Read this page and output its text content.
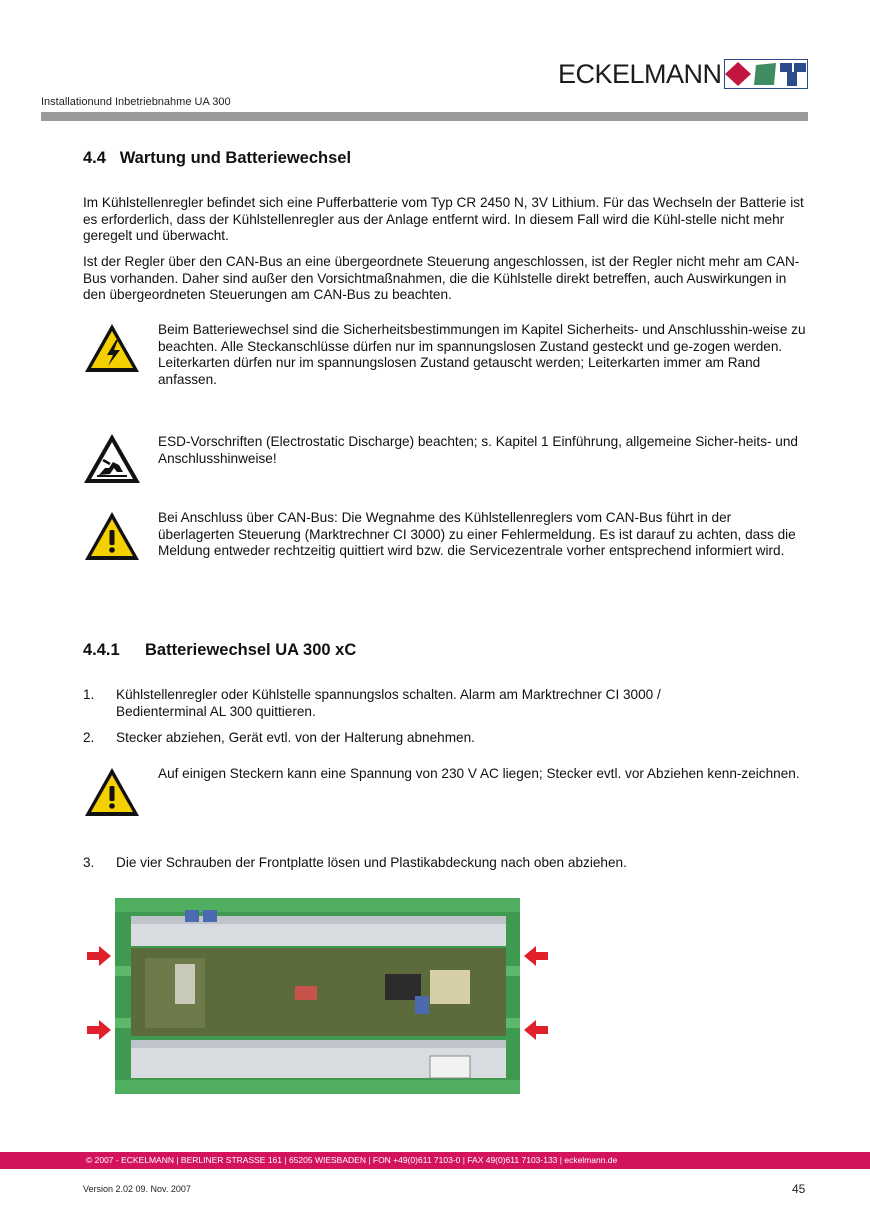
ECKELMANN
Installationund Inbetriebnahme UA 300
4.4 Wartung und Batteriewechsel

Im Kühlstellenregler befindet sich eine Pufferbatterie vom Typ CR 2450 N, 3V Lithium. Für das Wechseln der Batterie ist es erforderlich, dass der Kühlstellenregler aus der Anlage entfernt wird. In diesem Fall wird die Kühl-stelle nicht mehr geregelt und überwacht.

Ist der Regler über den CAN-Bus an eine übergeordnete Steuerung angeschlossen, ist der Regler nicht mehr am CAN-Bus vorhanden. Daher sind außer den Vorsichtmaßnahmen, die die Kühlstelle direkt betreffen, auch Auswirkungen in den übergeordneten Steuerungen am CAN-Bus zu beachten.

Beim Batteriewechsel sind die Sicherheitsbestimmungen im Kapitel Sicherheits- und Anschlusshin-weise zu beachten. Alle Steckanschlüsse dürfen nur im spannungslosen Zustand gesteckt und ge-zogen werden. Leiterkarten dürfen nur im spannungslosen Zustand getauscht werden; Leiterkarten immer am Rand anfassen.

ESD-Vorschriften (Electrostatic Discharge) beachten; s. Kapitel 1 Einführung, allgemeine Sicher-heits- und Anschlusshinweise!

Bei Anschluss über CAN-Bus: Die Wegnahme des Kühlstellenreglers vom CAN-Bus führt in der überlagerten Steuerung (Marktrechner CI 3000) zu einer Fehlermeldung. Es ist darauf zu achten, dass die Meldung entweder rechtzeitig quittiert wird bzw. die Servicezentrale vorher entsprechend informiert wird.

4.4.1 Batteriewechsel UA 300 xC
1. Kühlstellenregler oder Kühlstelle spannungslos schalten. Alarm am Marktrechner CI 3000 / Bedienterminal AL 300 quittieren.
2. Stecker abziehen, Gerät evtl. von der Halterung abnehmen.

Auf einigen Steckern kann eine Spannung von 230 V AC liegen; Stecker evtl. vor Abziehen kenn-zeichnen.

3. Die vier Schrauben der Frontplatte lösen und Plastikabdeckung nach oben abziehen.
© 2007 - ECKELMANN | BERLINER STRASSE 161 | 65205 WIESBADEN | FON +49(0)611 7103-0 | FAX 49(0)611 7103-133 | eckelmann.de
Version 2.02 09. Nov. 2007	45
